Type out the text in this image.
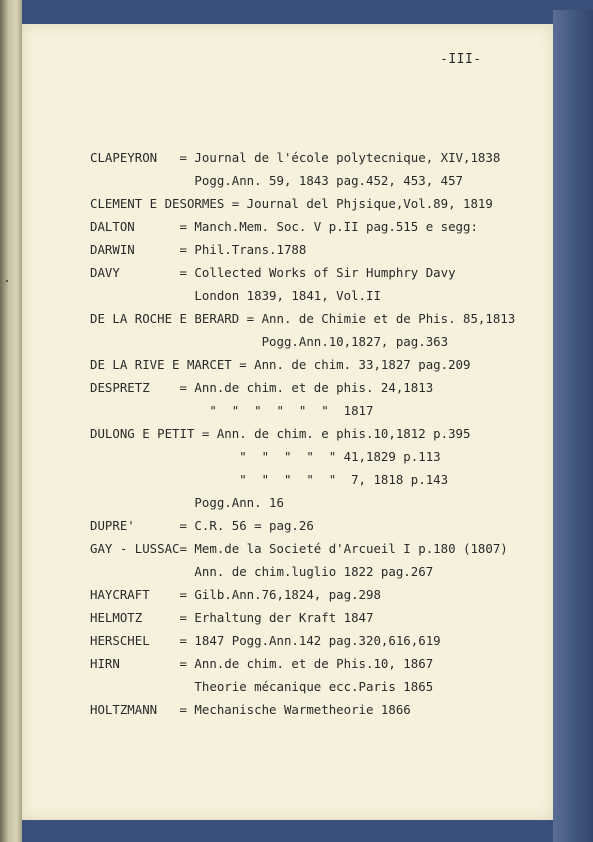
-III-
CLAPEYRON   = Journal de l'école polytecnique, XIV,1838
Pogg.Ann. 59, 1843 pag.452, 453, 457
CLEMENT E DESORMES = Journal del Phjsique,Vol.89, 1819
DALTON      = Manch.Mem. Soc. V p.II pag.515 e segg:
DARWIN      = Phil.Trans.1788
DAVY        = Collected Works of Sir Humphry Davy
London 1839, 1841, Vol.II
DE LA ROCHE E BERARD = Ann. de Chimie et de Phis. 85,1813
Pogg.Ann.10,1827, pag.363
DE LA RIVE E MARCET = Ann. de chim. 33,1827 pag.209
DESPRETZ    = Ann.de chim. et de phis. 24,1813
"  "  "  "  "  "  1817
DULONG E PETIT = Ann. de chim. e phis.10,1812 p.395
"  "  "  "  " 41,1829 p.113
"  "  "  "  "  7, 1818 p.143
Pogg.Ann. 16
DUPRE'      = C.R. 56 = pag.26
GAY - LUSSAC= Mem.de la Societé d'Arcueil I p.180 (1807)
Ann. de chim.luglio 1822 pag.267
HAYCRAFT    = Gilb.Ann.76,1824, pag.298
HELMOTZ     = Erhaltung der Kraft 1847
HERSCHEL    = 1847 Pogg.Ann.142 pag.320,616,619
HIRN        = Ann.de chim. et de Phis.10, 1867
Theorie mécanique ecc.Paris 1865
HOLTZMANN   = Mechanische Warmetheorie 1866
